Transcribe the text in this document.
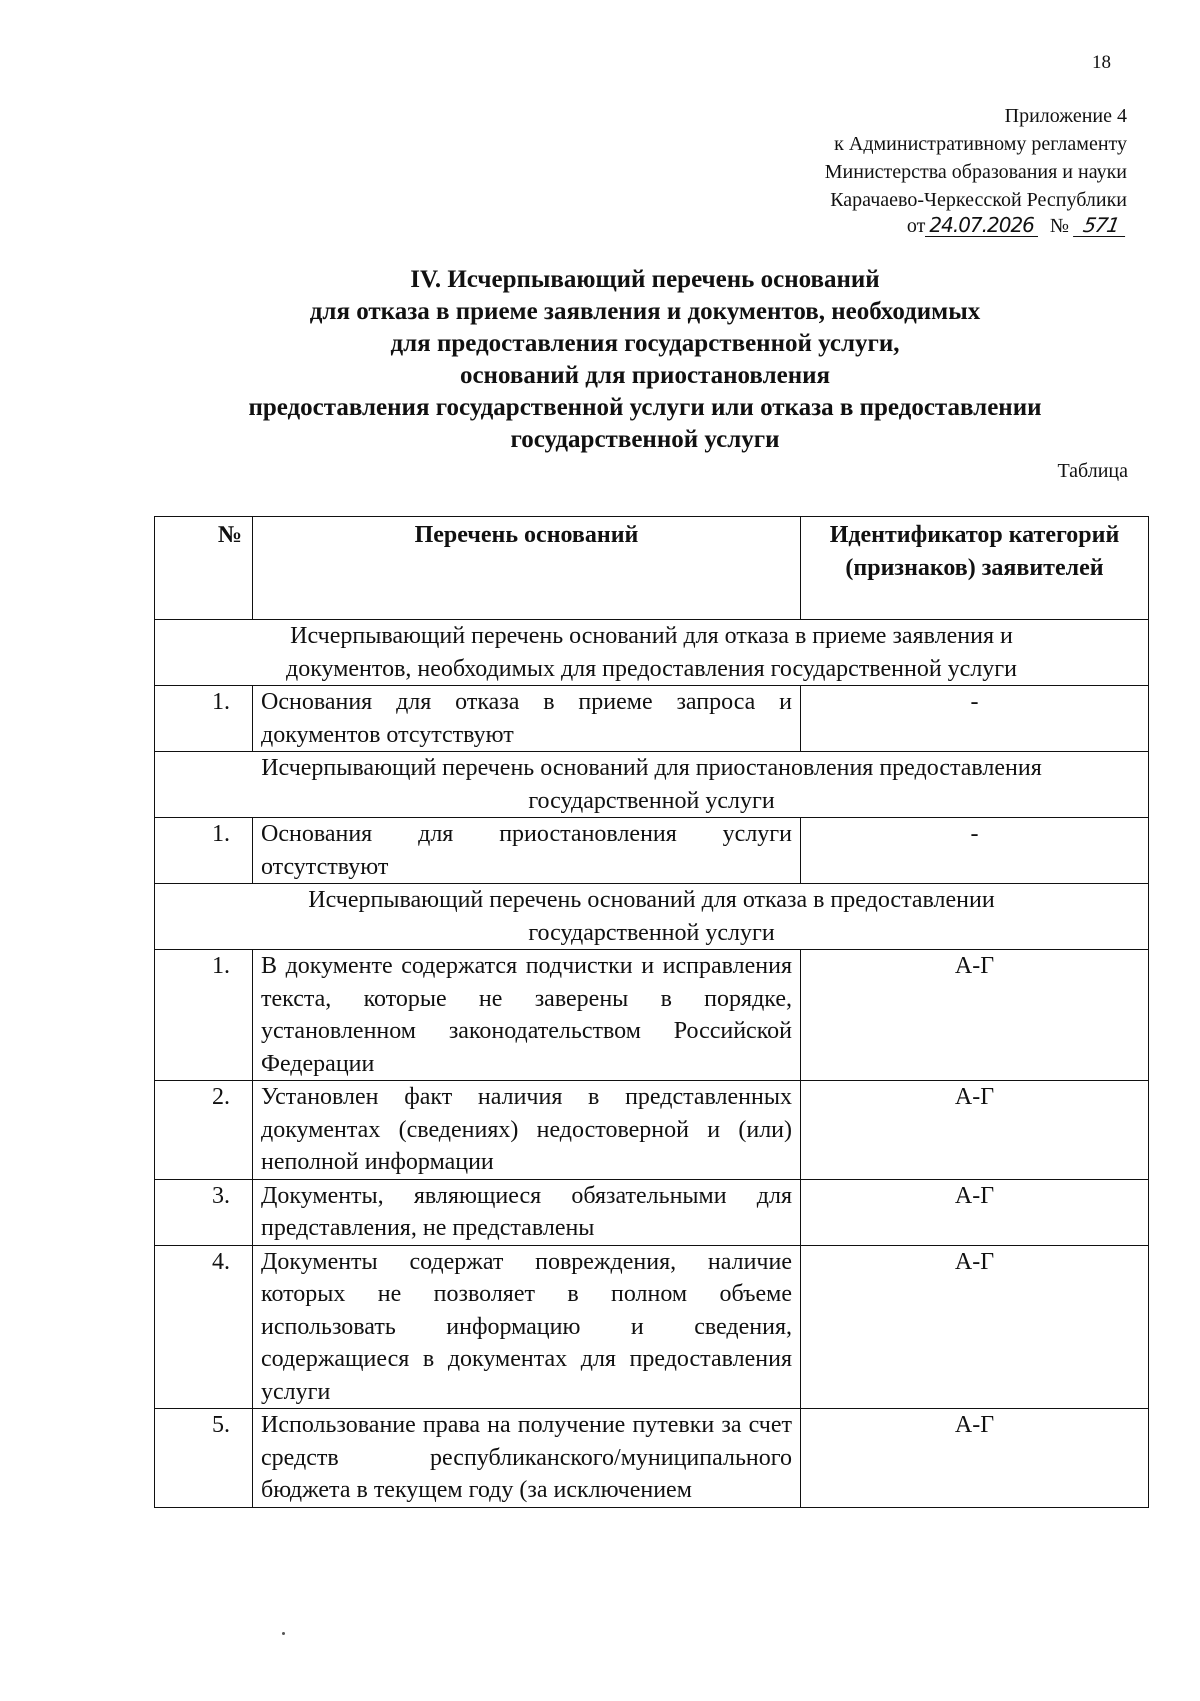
18
Приложение 4
к Административному регламенту
Министерства образования и науки
Карачаево-Черкесской Республики
от 24.07.2026 № 571
IV. Исчерпывающий перечень оснований
для отказа в приеме заявления и документов, необходимых
для предоставления государственной услуги,
оснований для приостановления
предоставления государственной услуги или отказа в предоставлении
государственной услуги
Таблица
№	Перечень оснований	Идентификатор категорий (признаков) заявителей
Исчерпывающий перечень оснований для отказа в приеме заявления и
документов, необходимых для предоставления государственной услуги		
1.	Основания для отказа в приеме запроса и документов отсутствуют	-
Исчерпывающий перечень оснований для приостановления предоставления
государственной услуги		
1.	Основания для приостановления услуги отсутствуют	-
Исчерпывающий перечень оснований для отказа в предоставлении
государственной услуги		
1.	В документе содержатся подчистки и исправления текста, которые не заверены в порядке, установленном законодательством Российской Федерации	А-Г
2.	Установлен факт наличия в представленных документах (сведениях) недостоверной и (или) неполной информации	А-Г
3.	Документы, являющиеся обязательными для представления, не представлены	А-Г
4.	Документы содержат повреждения, наличие которых не позволяет в полном объеме использовать информацию и сведения, содержащиеся в документах для предоставления услуги	А-Г
5.	Использование права на получение путевки за счет средств республиканского/муниципального бюджета в текущем году (за исключением	А-Г
